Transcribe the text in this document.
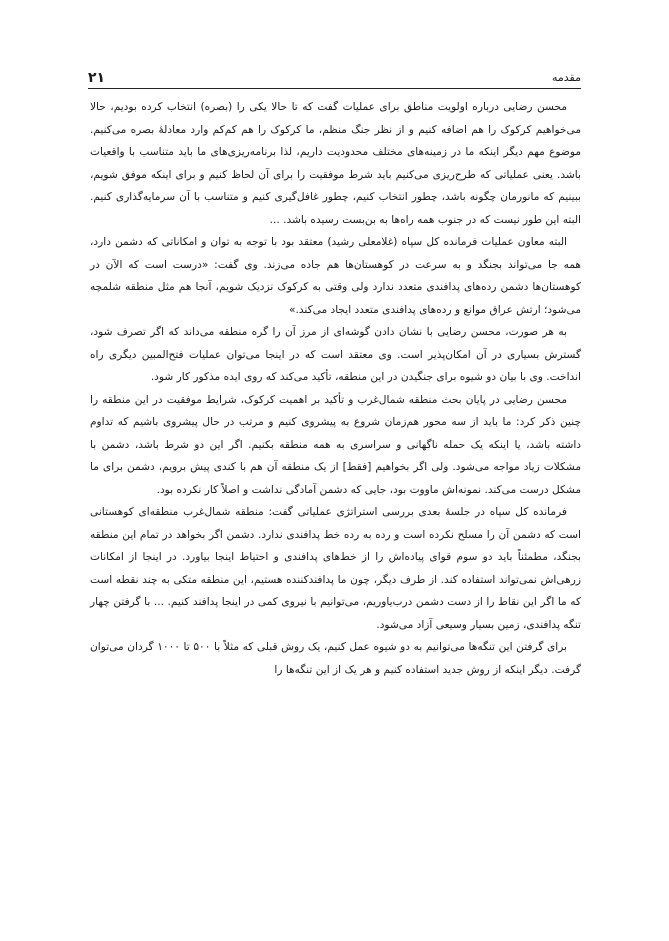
مقدمه
۲۱

محسن رضایی درباره اولویت مناطق برای عملیات گفت که تا حالا یکی را (بصره) انتخاب کرده بودیم، حالا می‌خواهیم کرکوک را هم اضافه کنیم و از نظر جنگ منظم، ما کرکوک را هم کم‌کم وارد معادلهٔ بصره می‌کنیم. موضوع مهم دیگر اینکه ما در زمینه‌های مختلف محدودیت داریم، لذا برنامه‌ریزی‌های ما باید متناسب با واقعیات باشد. یعنی عملیاتی که طرح‌ریزی می‌کنیم باید شرط موفقیت را برای آن لحاظ کنیم و برای اینکه موفق شویم، ببینیم که مانورمان چگونه باشد، چطور انتخاب کنیم، چطور غافل‌گیری کنیم و متناسب با آن سرمایه‌گذاری کنیم. البته این طور نیست که در جنوب همه راه‌ها به بن‌بست رسیده باشد. ...

البته معاون عملیات فرمانده کل سپاه (غلامعلی رشید) معتقد بود با توجه به توان و امکاناتی که دشمن دارد، همه جا می‌تواند بجنگد و به سرعت در کوهستان‌ها هم جاده می‌زند. وی گفت: «درست است که الآن در کوهستان‌ها دشمن رده‌های پدافندی متعدد ندارد ولی وقتی به کرکوک نزدیک شویم، آنجا هم مثل منطقه شلمچه می‌شود؛ ارتش عراق موانع و رده‌های پدافندی متعدد ایجاد می‌کند.»

به هر صورت، محسن رضایی با نشان دادن گوشه‌ای از مرز آن را گره منطقه می‌داند که اگر تصرف شود، گسترش بسیاری در آن امکان‌پذیر است. وی معتقد است که در اینجا می‌توان عملیات فتح‌المبین دیگری راه انداخت. وی با بیان دو شیوه برای جنگیدن در این منطقه، تأکید می‌کند که روی ایده مذکور کار شود.

محسن رضایی در پایان بحث منطقه شمال‌غرب و تأکید بر اهمیت کرکوک، شرایط موفقیت در این منطقه را چنین ذکر کرد: ما باید از سه محور هم‌زمان شروع به پیشروی کنیم و مرتب در حال پیشروی باشیم که تداوم داشته باشد، یا اینکه یک حمله ناگهانی و سراسری به همه منطقه بکنیم. اگر این دو شرط باشد، دشمن با مشکلات زیاد مواجه می‌شود. ولی اگر بخواهیم [فقط] از یک منطقه آن هم با کندی پیش برویم، دشمن برای ما مشکل درست می‌کند. نمونه‌اش ماووت بود، جایی که دشمن آمادگی نداشت و اصلاً کار نکرده بود.

فرمانده کل سپاه در جلسهٔ بعدی بررسی استراتژی عملیاتی گفت: منطقه شمال‌غرب منطقه‌ای کوهستانی است که دشمن آن را مسلح نکرده است و رده به رده خط پدافندی ندارد. دشمن اگر بخواهد در تمام این منطقه بجنگد، مطمئناً باید دو سوم قوای پیاده‌اش را از خط‌های پدافندی و احتیاط اینجا بیاورد. در اینجا از امکانات زرهی‌اش نمی‌تواند استفاده کند. از طرف دیگر، چون ما پدافندکننده هستیم، این منطقه متکی به چند نقطه است که ما اگر این نقاط را از دست دشمن درب‌یاوریم، می‌توانیم با نیروی کمی در اینجا پدافند کنیم. ... با گرفتن چهار تنگه پدافندی، زمین بسیار وسیعی آزاد می‌شود.

برای گرفتن این تنگه‌ها می‌توانیم به دو شیوه عمل کنیم، یک روش قبلی که مثلاً با ۵۰۰ تا ۱۰۰۰ گردان می‌توان گرفت. دیگر اینکه از روش جدید استفاده کنیم و هر یک از این تنگه‌ها را
